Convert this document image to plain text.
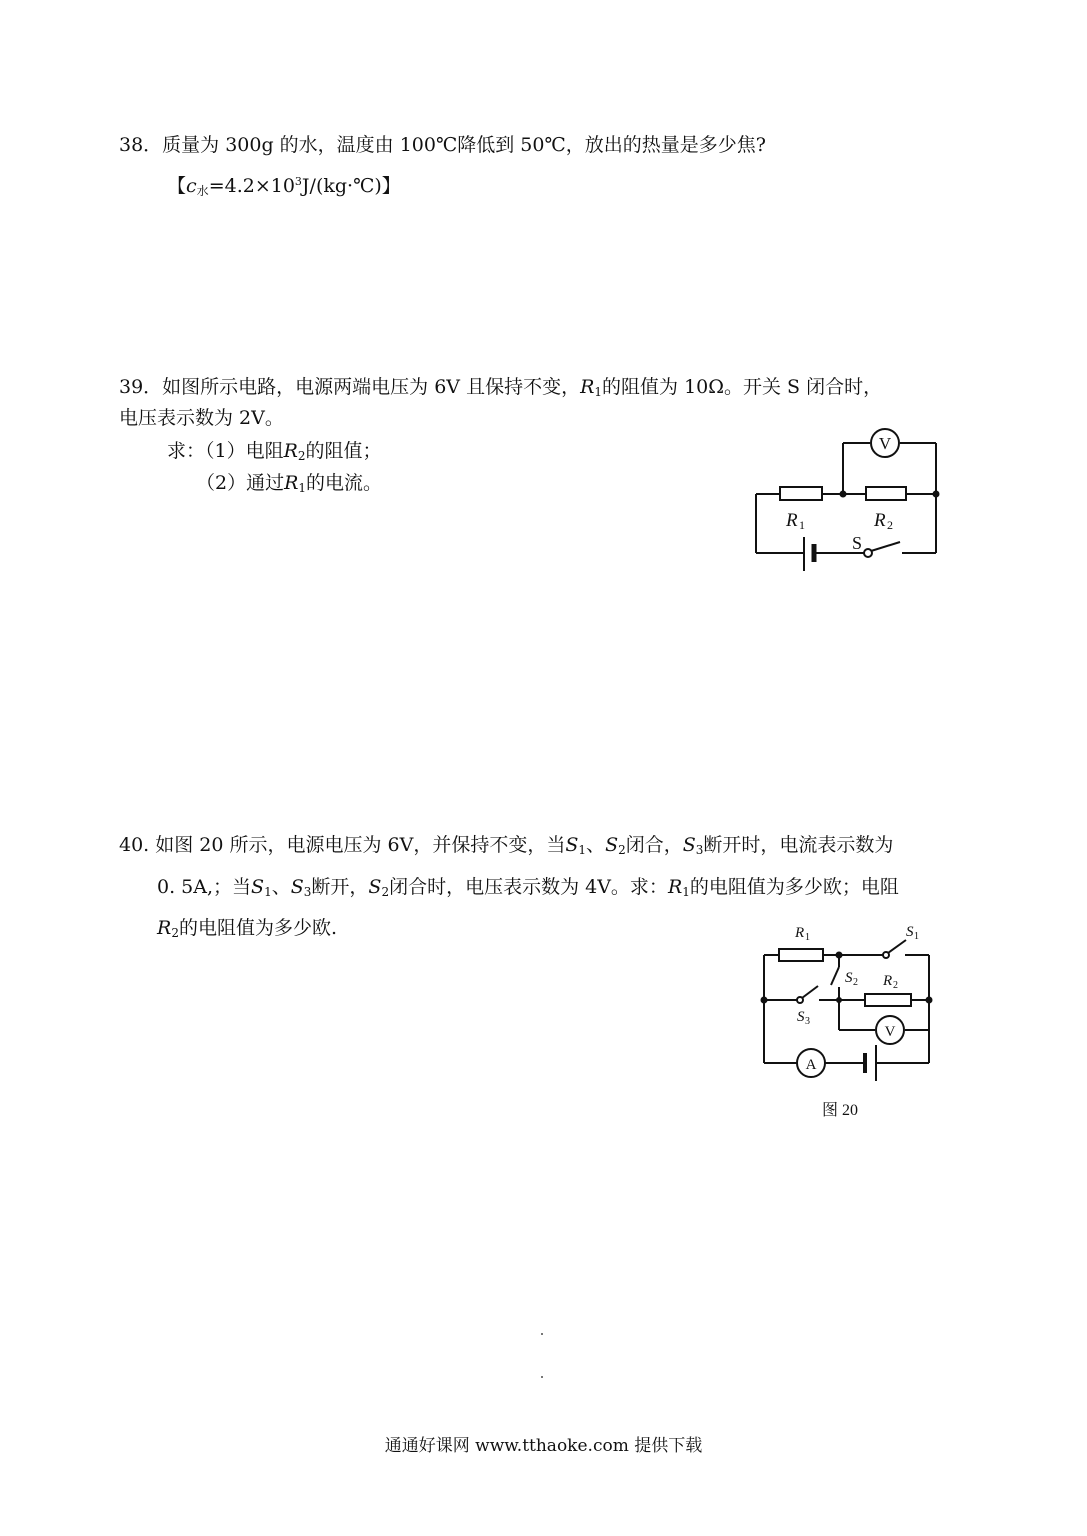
38．质量为 300g 的水，温度由 100℃降低到 50℃，放出的热量是多少焦?
【$c_水=4.2\times 10^3J/(kg\cdot℃)$】
39．如图所示电路，电源两端电压为 6V 且保持不变，$R_1$的阻值为 10Ω。开关 S 闭合时，
电压表示数为 2V。
求：（1）电阻$R_2$的阻值；
（2）通过$R_1$的电流。
V
R 1	R 2
S
40. 如图 20 所示，电源电压为 6V，并保持不变，当$S_1$、$S_2$闭合，$S_3$断开时，电流表示数为
0. 5A,；当$S_1$、$S_3$断开，$S_2$闭合时，电压表示数为 4V。求：$R_1$的电阻值为多少欧；电阻
$R_2$的电阻值为多少欧.	R 1	S 1
S 2 R 2
S 3
V
A
图 20
通通好课网 www.tthaoke.com 提供下载
